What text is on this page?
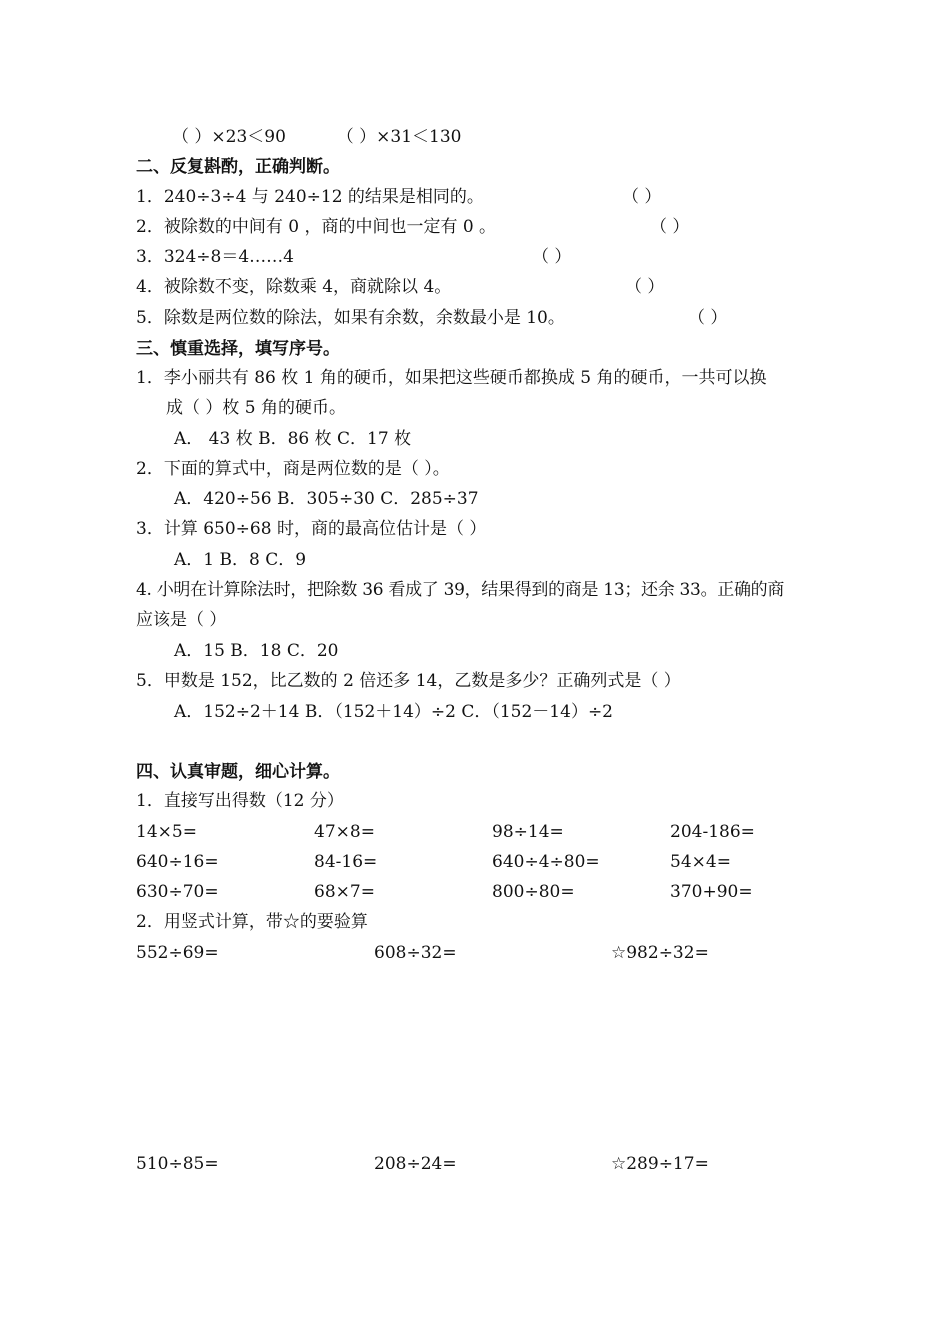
（ ）×23＜90	（ ）×31＜130
二、反复斟酌，正确判断。
1．240÷3÷4 与 240÷12 的结果是相同的。	（ ）
2．被除数的中间有 0 ，商的中间也一定有 0 。	（ ）
3．324÷8＝4……4	（ ）
4．被除数不变，除数乘 4，商就除以 4。	（ ）
5．除数是两位数的除法，如果有余数，余数最小是 10。	（ ）
三、慎重选择，填写序号。
1．李小丽共有 86 枚 1 角的硬币，如果把这些硬币都换成 5 角的硬币，一共可以换
成（ ）枚 5 角的硬币。
A． 43 枚 B．86 枚 C．17 枚
2．下面的算式中，商是两位数的是（ ）。
A．420÷56 B．305÷30 C．285÷37
3．计算 650÷68 时，商的最高位估计是（ ）
A．1 B．8 C．9
4. 小明在计算除法时，把除数 36 看成了 39，结果得到的商是 13；还余 33。正确的商
应该是（ ）
A．15 B．18 C．20
5．甲数是 152，比乙数的 2 倍还多 14，乙数是多少？正确列式是（ ）
A．152÷2＋14 B．（152＋14）÷2 C．（152－14）÷2
四、认真审题，细心计算。
1．直接写出得数（12 分）
14×5=	47×8=	98÷14=	204-186=
640÷16=	84-16=	640÷4÷80=	54×4=
630÷70=	68×7=	800÷80=	370+90=
2．用竖式计算，带☆的要验算
552÷69=	608÷32=	☆982÷32=
510÷85=	208÷24=	☆289÷17=
